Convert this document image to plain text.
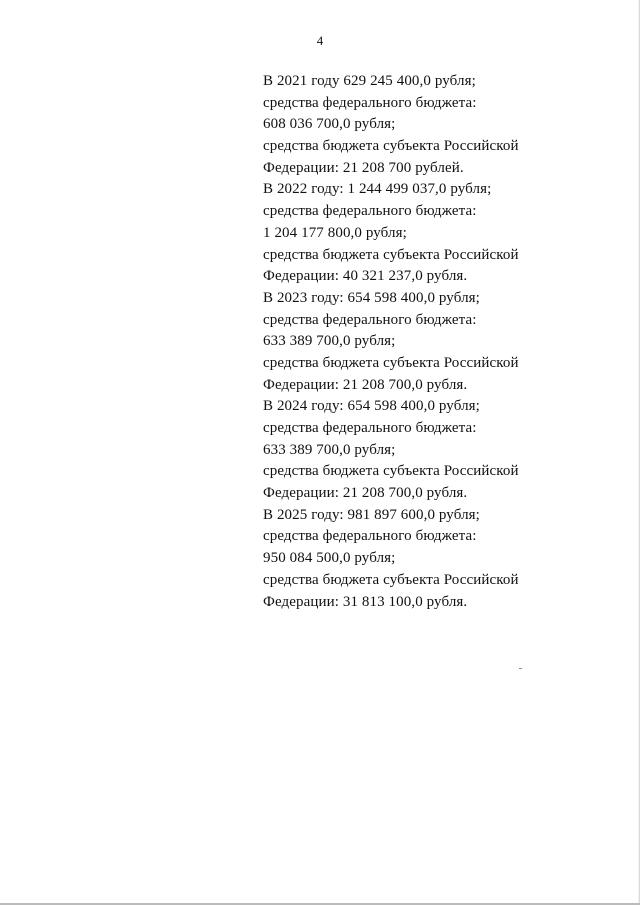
4
В 2021 году 629 245 400,0 рубля;
средства федерального бюджета:
608 036 700,0 рубля;
средства бюджета субъекта Российской
Федерации: 21 208 700 рублей.
В 2022 году: 1 244 499 037,0 рубля;
средства федерального бюджета:
1 204 177 800,0 рубля;
средства бюджета субъекта Российской
Федерации: 40 321 237,0 рубля.
В 2023 году: 654 598 400,0 рубля;
средства федерального бюджета:
633 389 700,0 рубля;
средства бюджета субъекта Российской
Федерации: 21 208 700,0 рубля.
В 2024 году: 654 598 400,0 рубля;
средства федерального бюджета:
633 389 700,0 рубля;
средства бюджета субъекта Российской
Федерации: 21 208 700,0 рубля.
В 2025 году: 981 897 600,0 рубля;
средства федерального бюджета:
950 084 500,0 рубля;
средства бюджета субъекта Российской
Федерации: 31 813 100,0 рубля.
